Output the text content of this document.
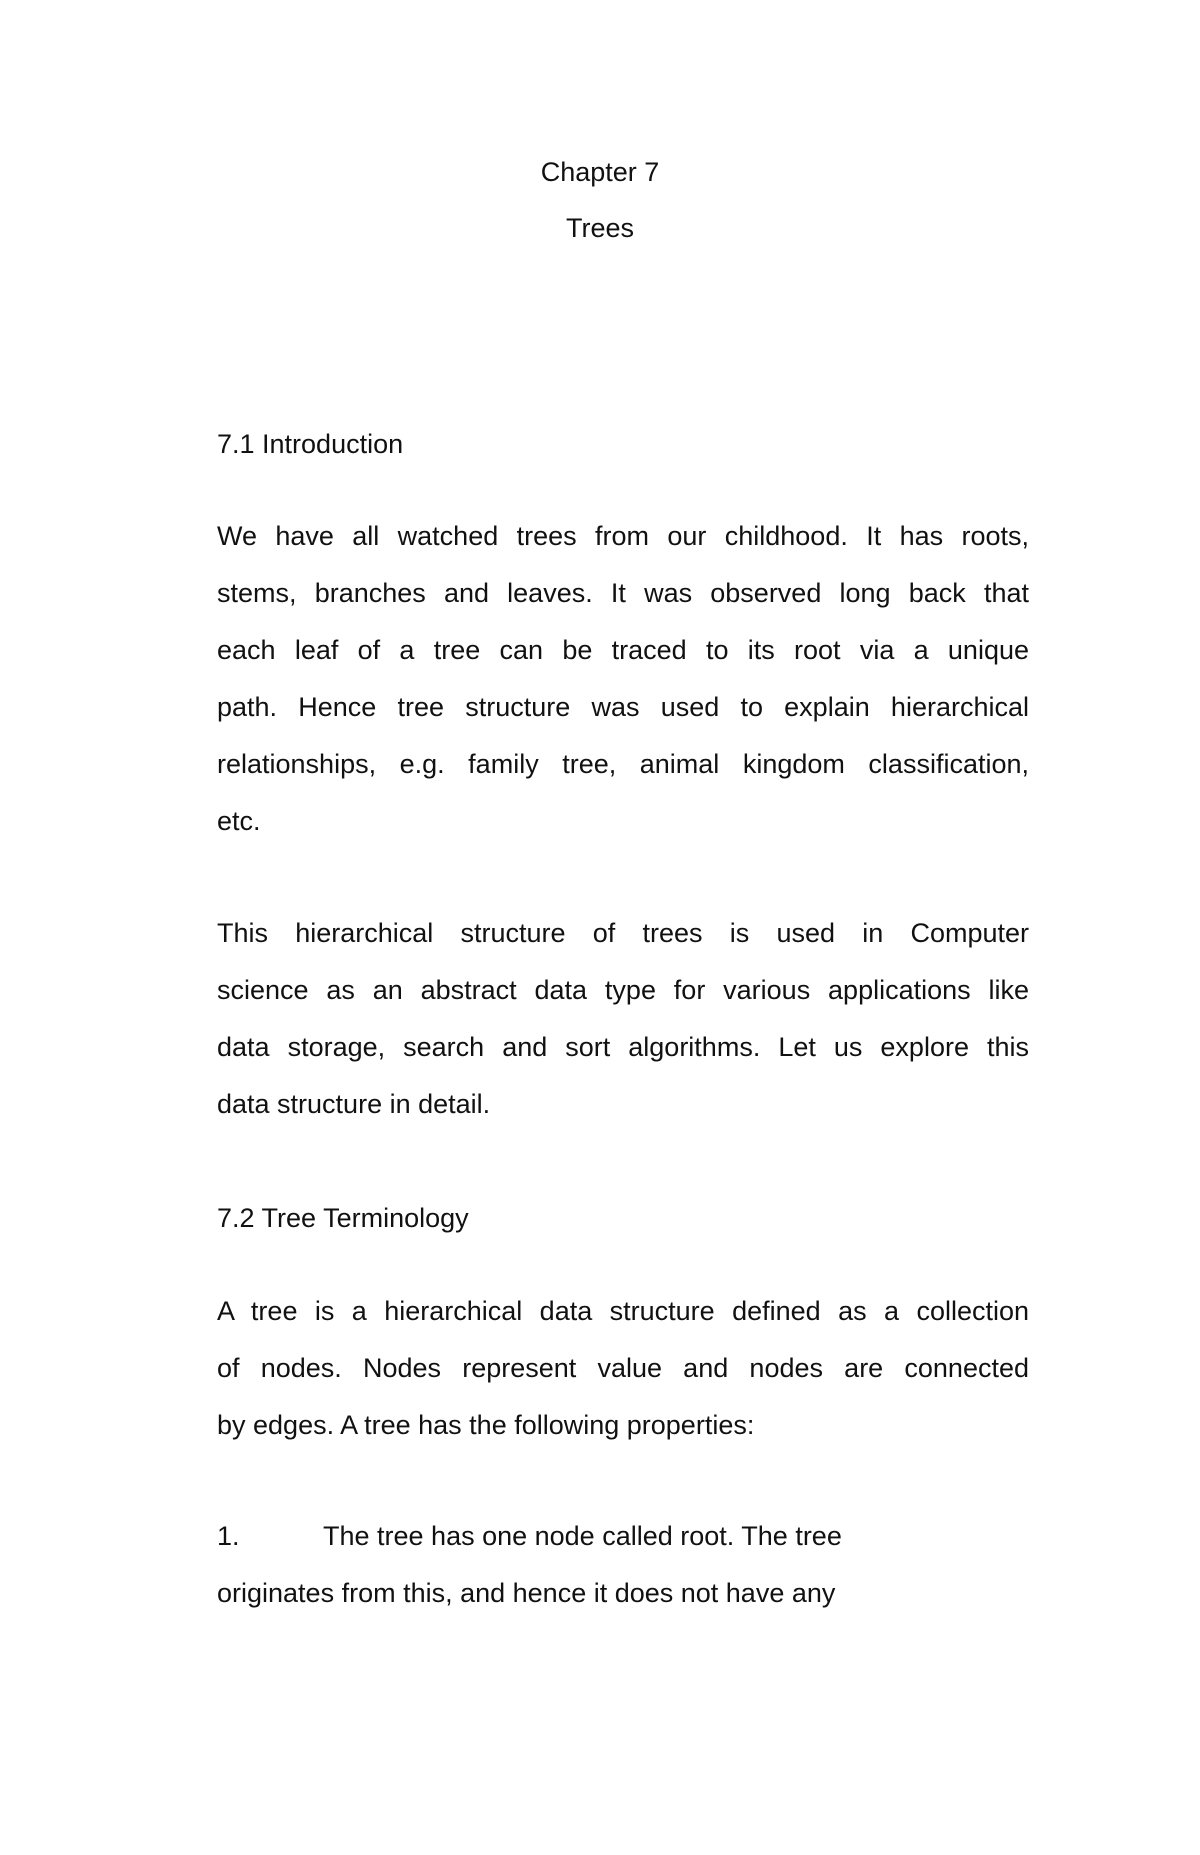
Chapter 7
Trees
7.1 Introduction
We have all watched trees from our childhood. It has roots,
stems, branches and leaves. It was observed long back that
each leaf of a tree can be traced to its root via a unique
path. Hence tree structure was used to explain hierarchical
relationships, e.g. family tree, animal kingdom classification,
etc.
This hierarchical structure of trees is used in Computer
science as an abstract data type for various applications like
data storage, search and sort algorithms. Let us explore this
data structure in detail.
7.2 Tree Terminology
A tree is a hierarchical data structure defined as a collection
of nodes. Nodes represent value and nodes are connected
by edges. A tree has the following properties:
1.	The tree has one node called root. The tree
originates from this, and hence it does not have any
